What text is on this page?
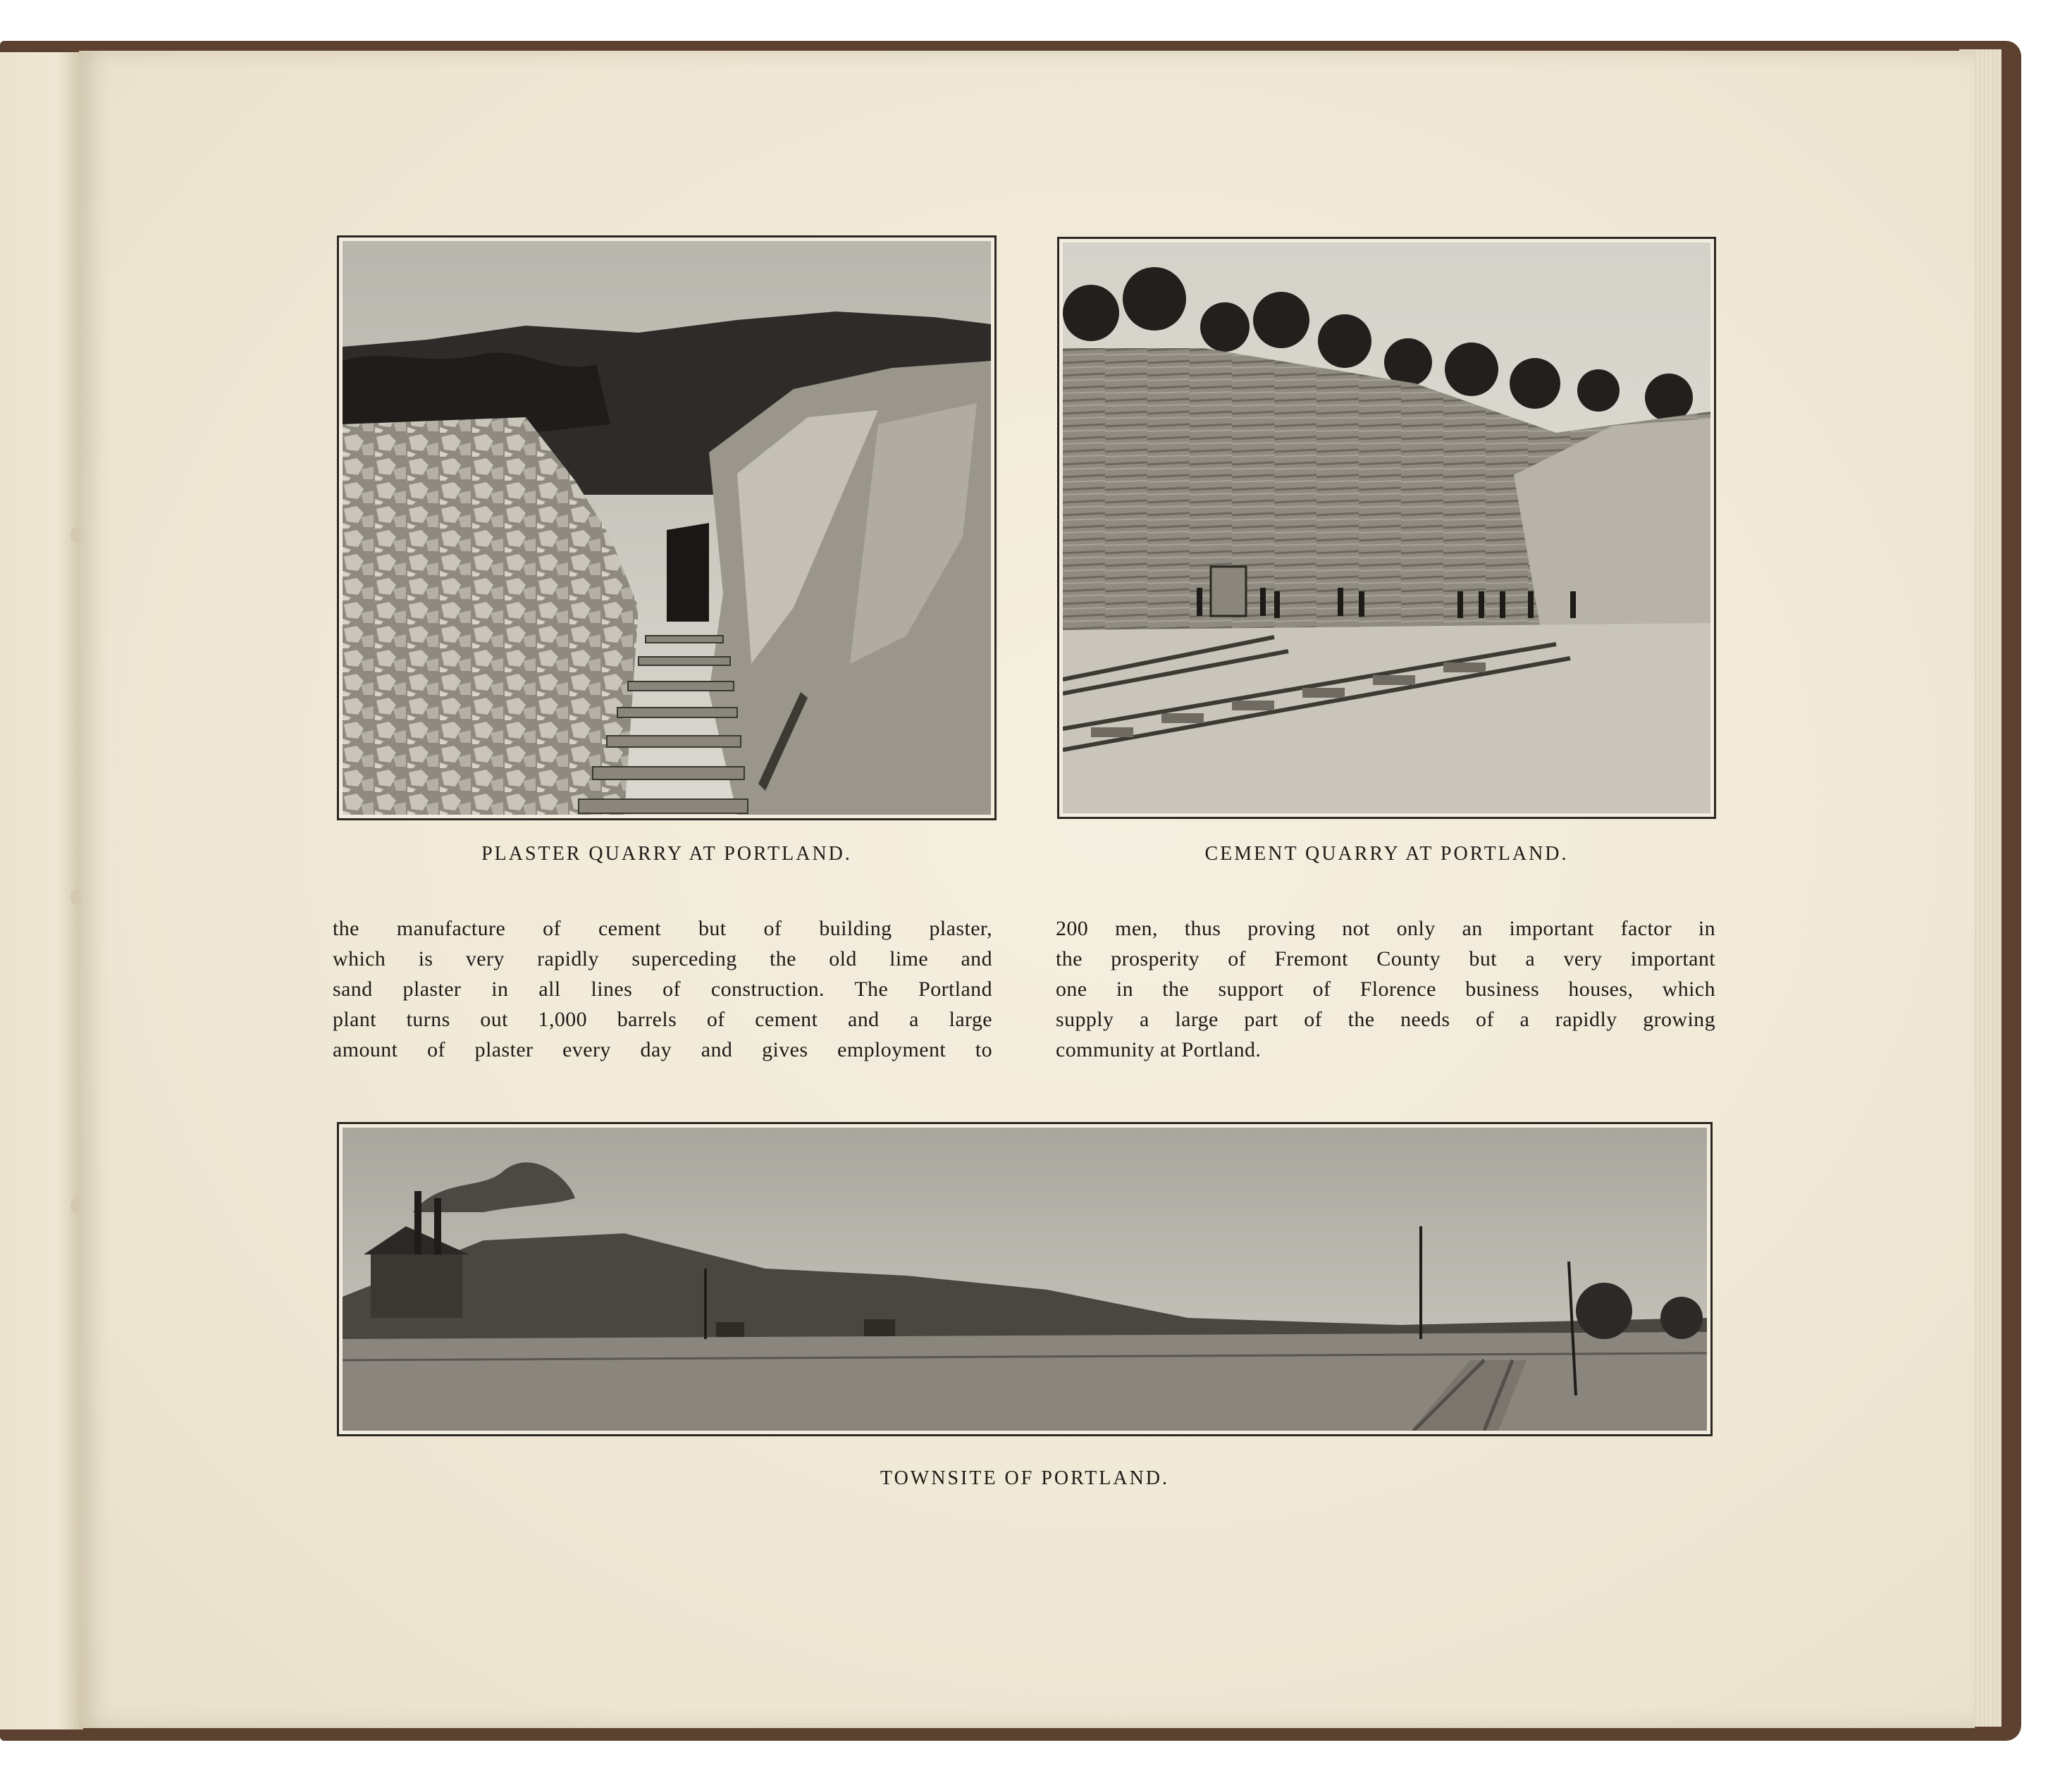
PLASTER QUARRY AT PORTLAND.	CEMENT QUARRY AT PORTLAND.
the manufacture of cement but of building plaster,
which is very rapidly superceding the old lime and
sand plaster in all lines of construction. The Portland
plant turns out 1,000 barrels of cement and a large
amount of plaster every day and gives employment to
200 men, thus proving not only an important factor in
the prosperity of Fremont County but a very important
one in the support of Florence business houses, which
supply a large part of the needs of a rapidly growing
community at Portland.
TOWNSITE OF PORTLAND.
